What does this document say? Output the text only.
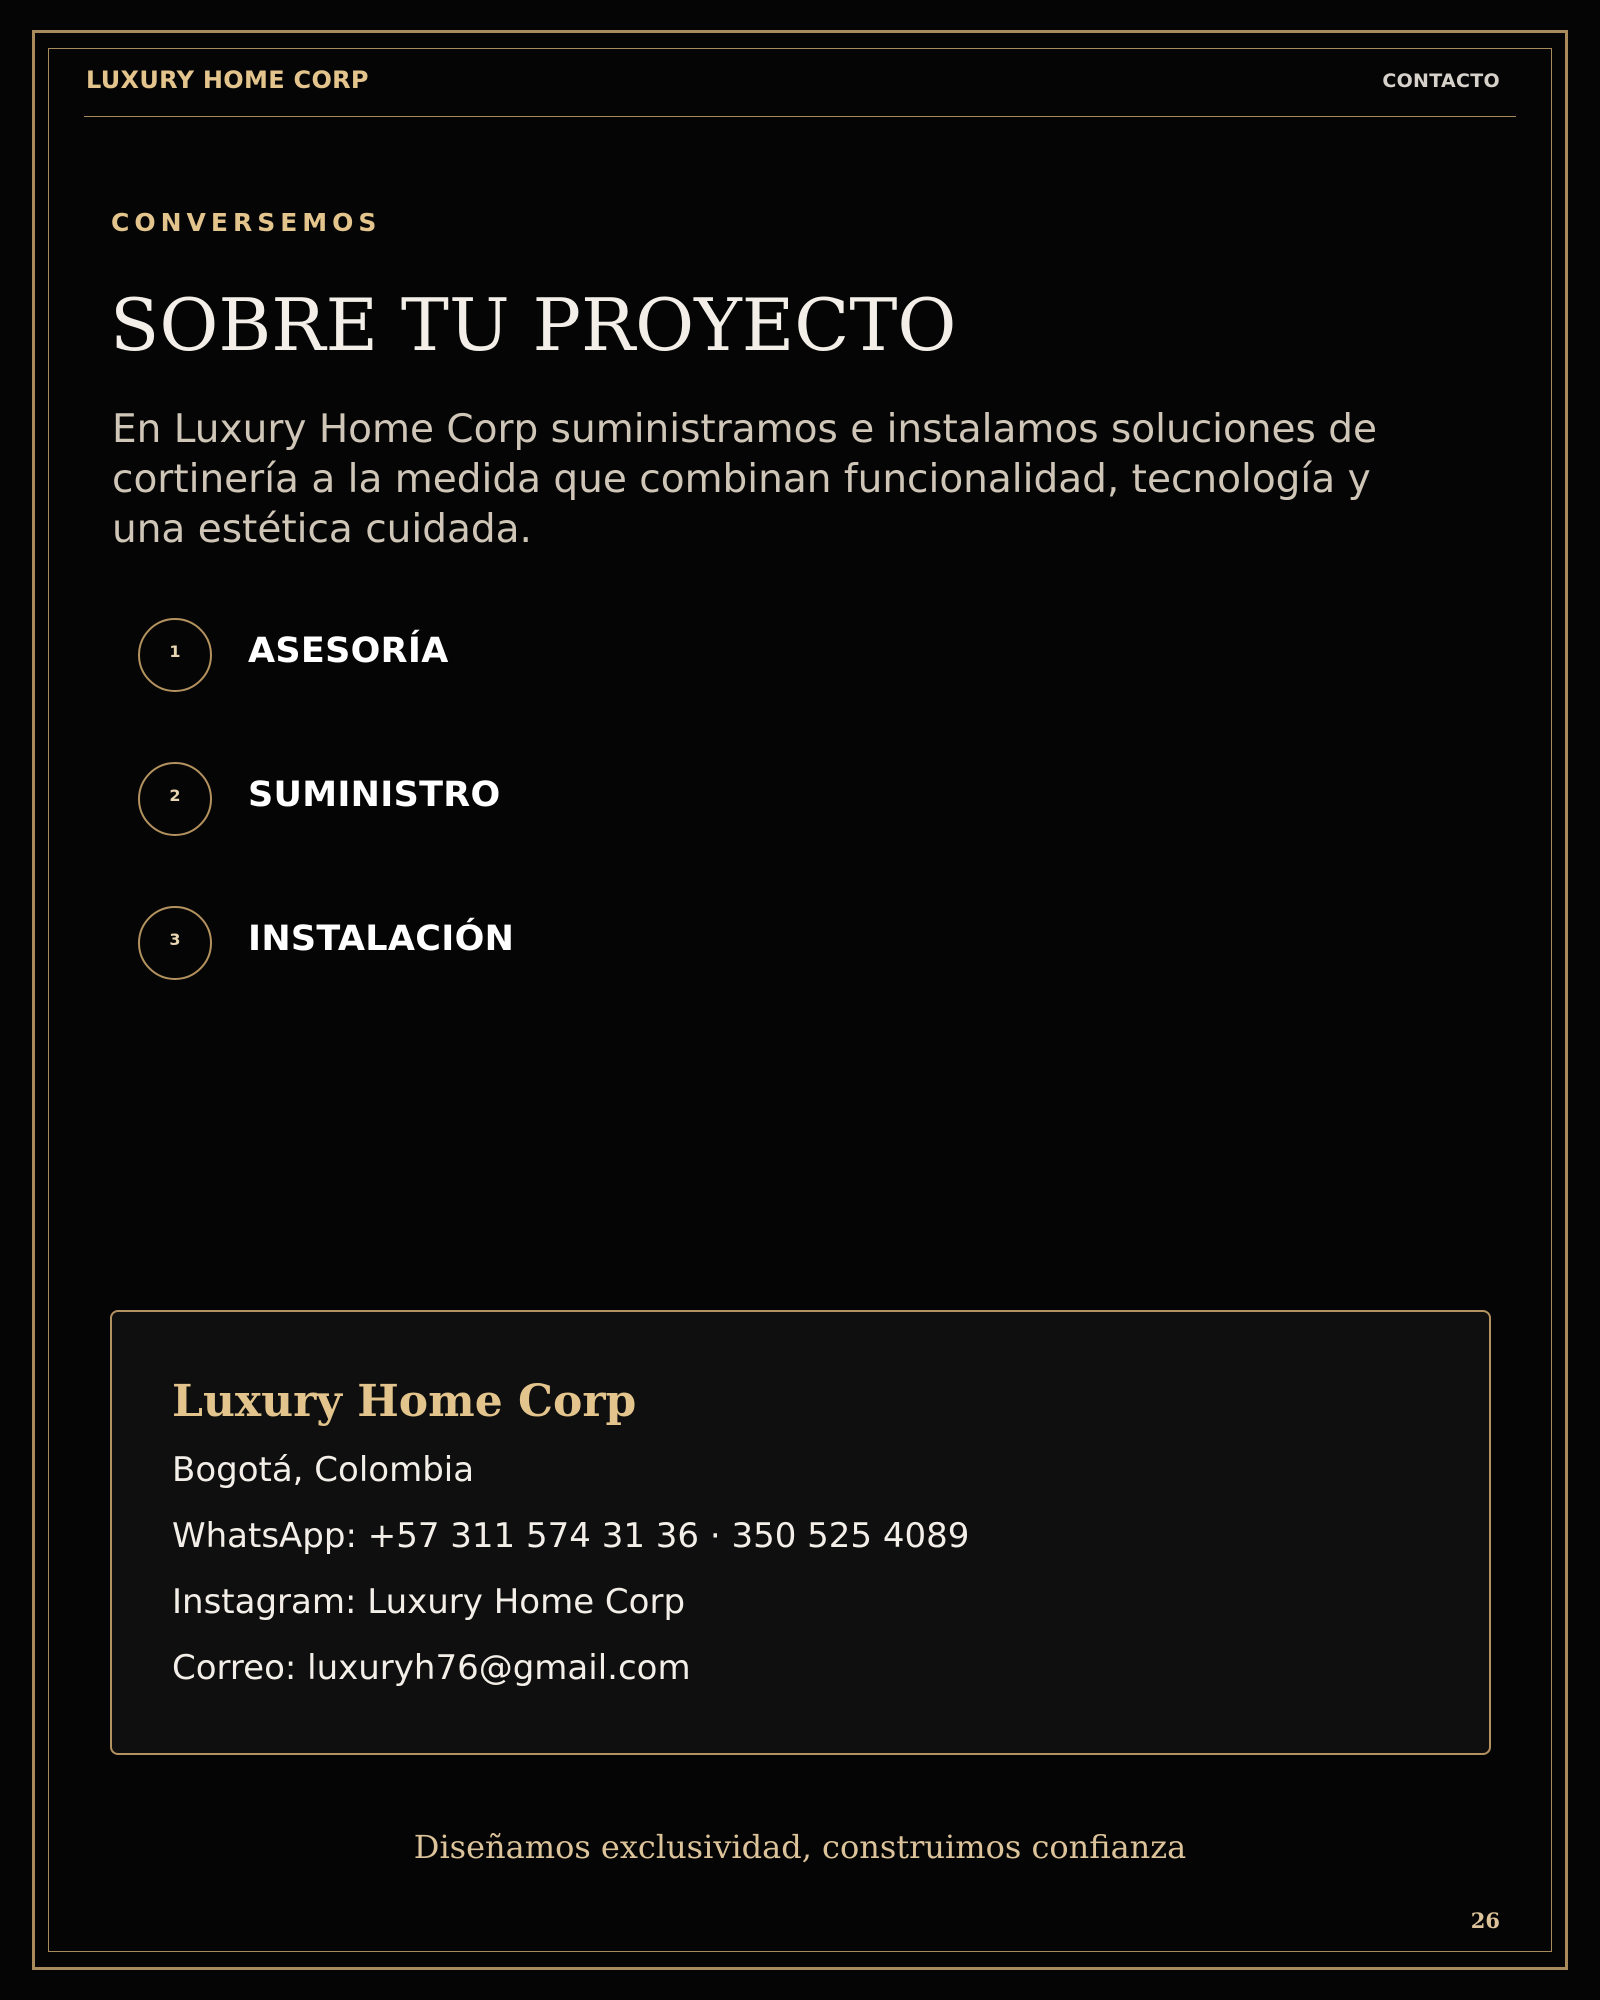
LUXURY HOME CORP	CONTACTO
CONVERSEMOS
SOBRE TU PROYECTO

En Luxury Home Corp suministramos e instalamos soluciones de cortinería a la medida que combinan funcionalidad, tecnología y una estética cuidada.

1	ASESORÍA
2	SUMINISTRO
3	INSTALACIÓN
Luxury Home Corp
Bogotá, Colombia
WhatsApp: +57 311 574 31 36 · 350 525 4089
Instagram: Luxury Home Corp
Correo: luxuryh76@gmail.com
Diseñamos exclusividad, construimos confianza
26
